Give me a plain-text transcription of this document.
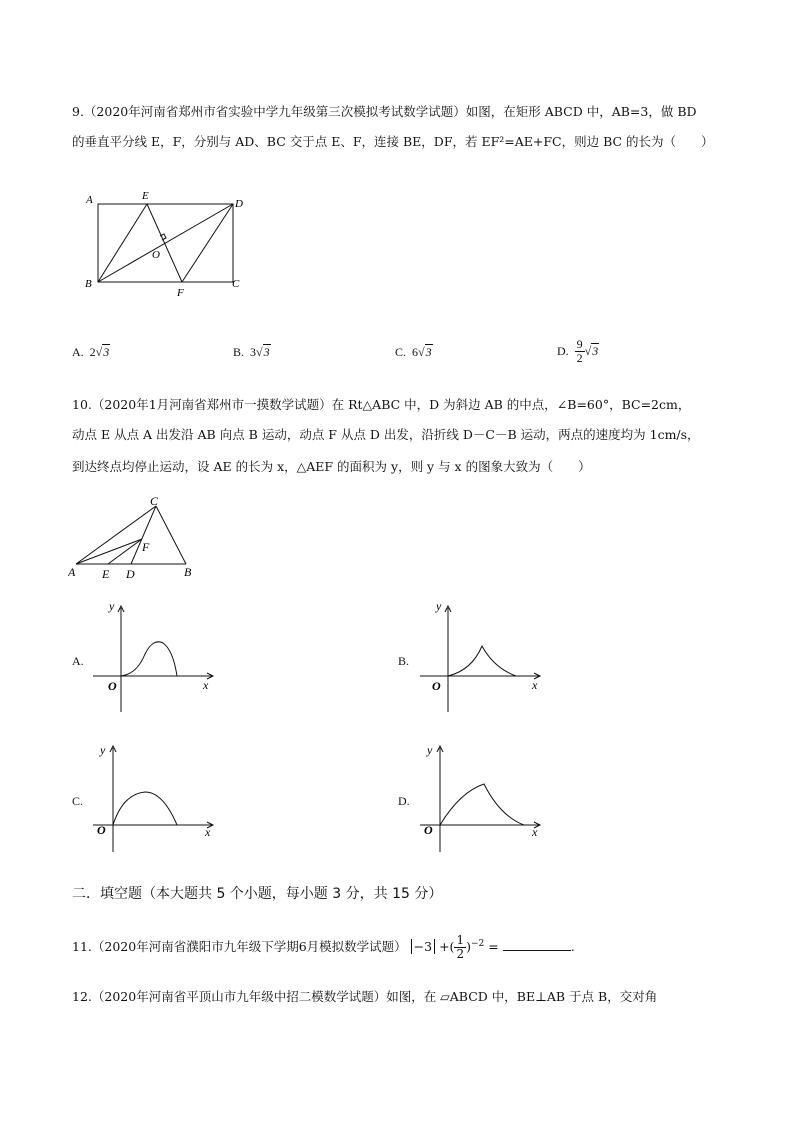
9.（2020年河南省郑州市省实验中学九年级第三次模拟考试数学试题）如图，在矩形 ABCD 中，AB=3，做 BD
的垂直平分线 E，F，分别与 AD、BC 交于点 E、F，连接 BE，DF，若 EF²=AE+FC，则边 BC 的长为（　　）
A	E
D
O
B
F
C
A. 2√3	B. 3√3	C. 6√3	D. $\frac{9}{2} √3$
10.（2020年1月河南省郑州市一摸数学试题）在 Rt△ABC 中，D 为斜边 AB 的中点，∠B=60°，BC=2cm，
动点 E 从点 A 出发沿 AB 向点 B 运动，动点 F 从点 D 出发，沿折线 D－C－B 运动，两点的速度均为 1cm/s，
到达终点均停止运动，设 AE 的长为 x，△AEF 的面积为 y，则 y 与 x 的图象大致为（　　）
A E D	B
C
F
A.
y
x
O
B.
y
x
O
C.
y
x
O
D.
y
x
O
二．填空题（本大题共 5 个小题，每小题 3 分，共 15 分）
11.（2020年河南省濮阳市九年级下学期6月模拟数学试题） −3 +( $\frac{1}{2} )^{-2}$ =	.
12.（2020年河南省平顶山市九年级中招二模数学试题）如图，在 ▱ABCD 中，BE⊥AB 于点 B，交对角
